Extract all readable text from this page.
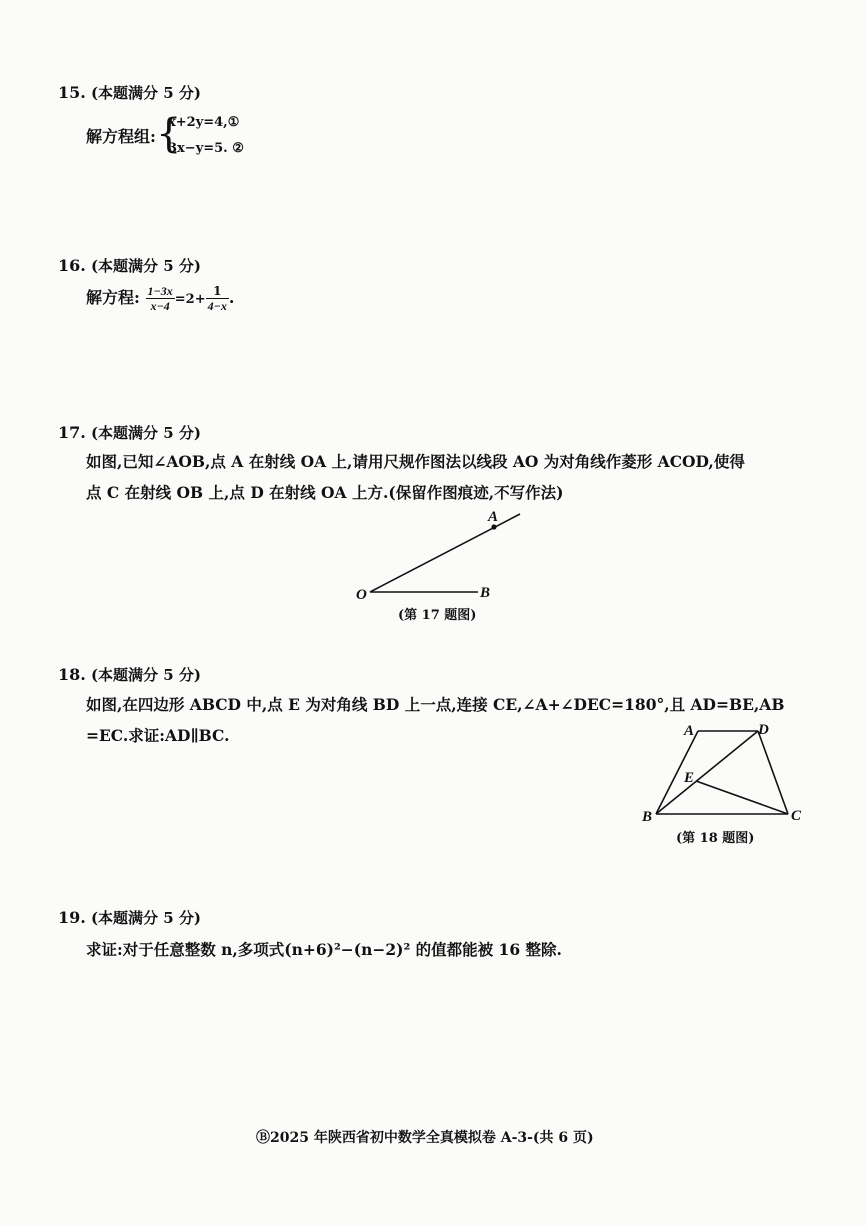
15. (本题满分 5 分)
解方程组: {
x+2y=4,①
3x−y=5. ②
16. (本题满分 5 分)
解方程: $\frac{1-3x}{x-4} =2+ \frac{1}{4-x}$ .
17. (本题满分 5 分)
如图,已知∠AOB,点 A 在射线 OA 上,请用尺规作图法以线段 AO 为对角线作菱形 ACOD,使得
点 C 在射线 OB 上,点 D 在射线 OA 上方.(保留作图痕迹,不写作法)
O
A
B
(第 17 题图)
18. (本题满分 5 分)
如图,在四边形 ABCD 中,点 E 为对角线 BD 上一点,连接 CE,∠A+∠DEC=180°,且 AD=BE,AB
=EC.求证:AD∥BC.	A	D
E
B	C
(第 18 题图)
19. (本题满分 5 分)
求证:对于任意整数 n,多项式(n+6)²−(n−2)² 的值都能被 16 整除.
Ⓑ2025 年陕西省初中数学全真模拟卷 A-3-(共 6 页)
